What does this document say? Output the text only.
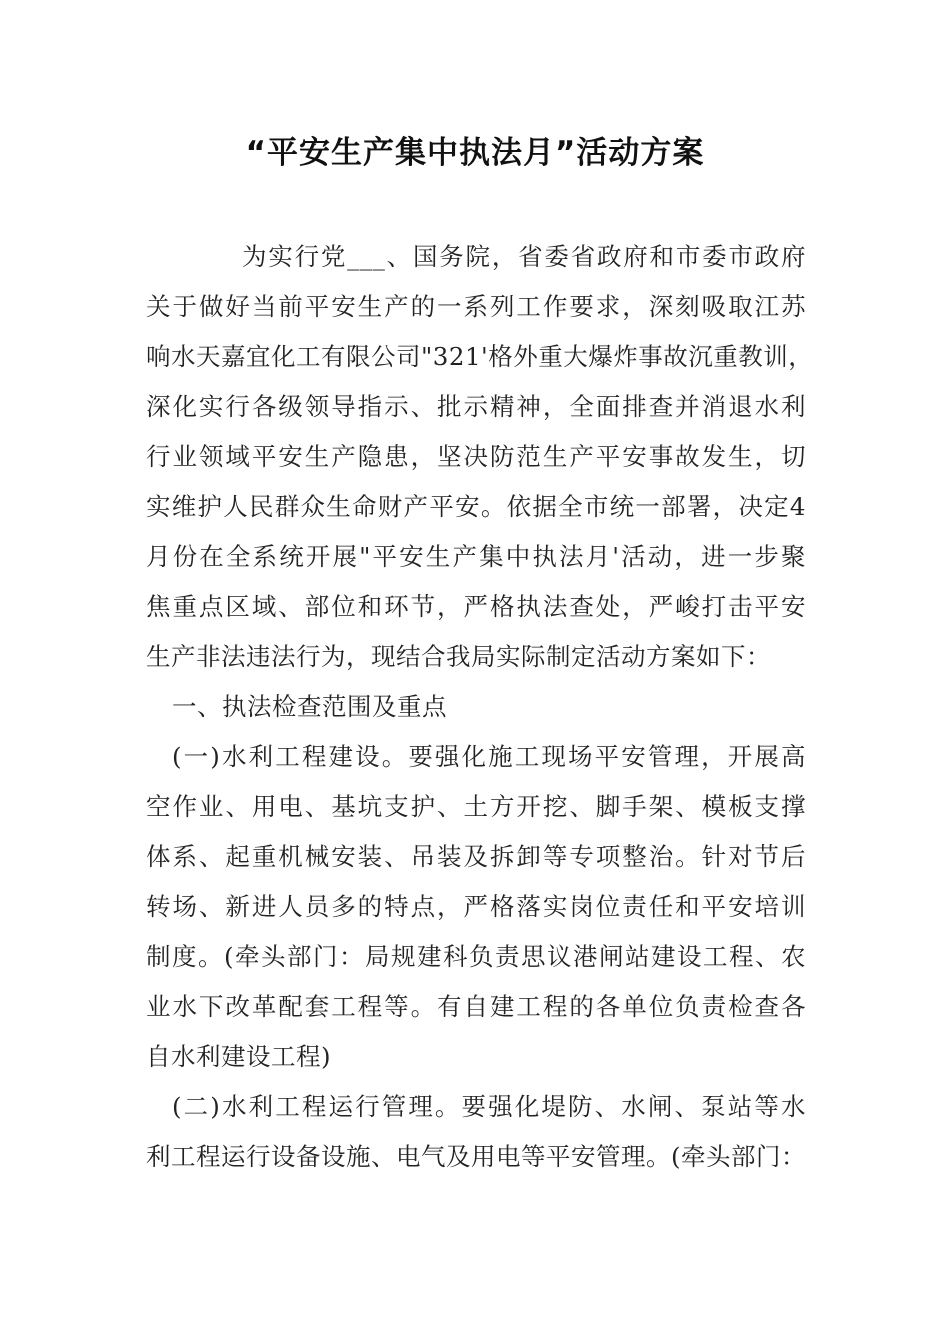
“平安生产集中执法月”活动方案
为实行党___、国务院，省委省政府和市委市政府
关于做好当前平安生产的一系列工作要求，深刻吸取江苏
响水天嘉宜化工有限公司"321'格外重大爆炸事故沉重教训，
深化实行各级领导指示、批示精神，全面排查并消退水利
行业领域平安生产隐患，坚决防范生产平安事故发生，切
实维护人民群众生命财产平安。依据全市统一部署，决定4
月份在全系统开展"平安生产集中执法月'活动，进一步聚
焦重点区域、部位和环节，严格执法查处，严峻打击平安
生产非法违法行为，现结合我局实际制定活动方案如下：
一、执法检查范围及重点
(一)水利工程建设。要强化施工现场平安管理，开展高
空作业、用电、基坑支护、土方开挖、脚手架、模板支撑
体系、起重机械安装、吊装及拆卸等专项整治。针对节后
转场、新进人员多的特点，严格落实岗位责任和平安培训
制度。(牵头部门：局规建科负责思议港闸站建设工程、农
业水下改革配套工程等。有自建工程的各单位负责检查各
自水利建设工程)
(二)水利工程运行管理。要强化堤防、水闸、泵站等水
利工程运行设备设施、电气及用电等平安管理。(牵头部门：
